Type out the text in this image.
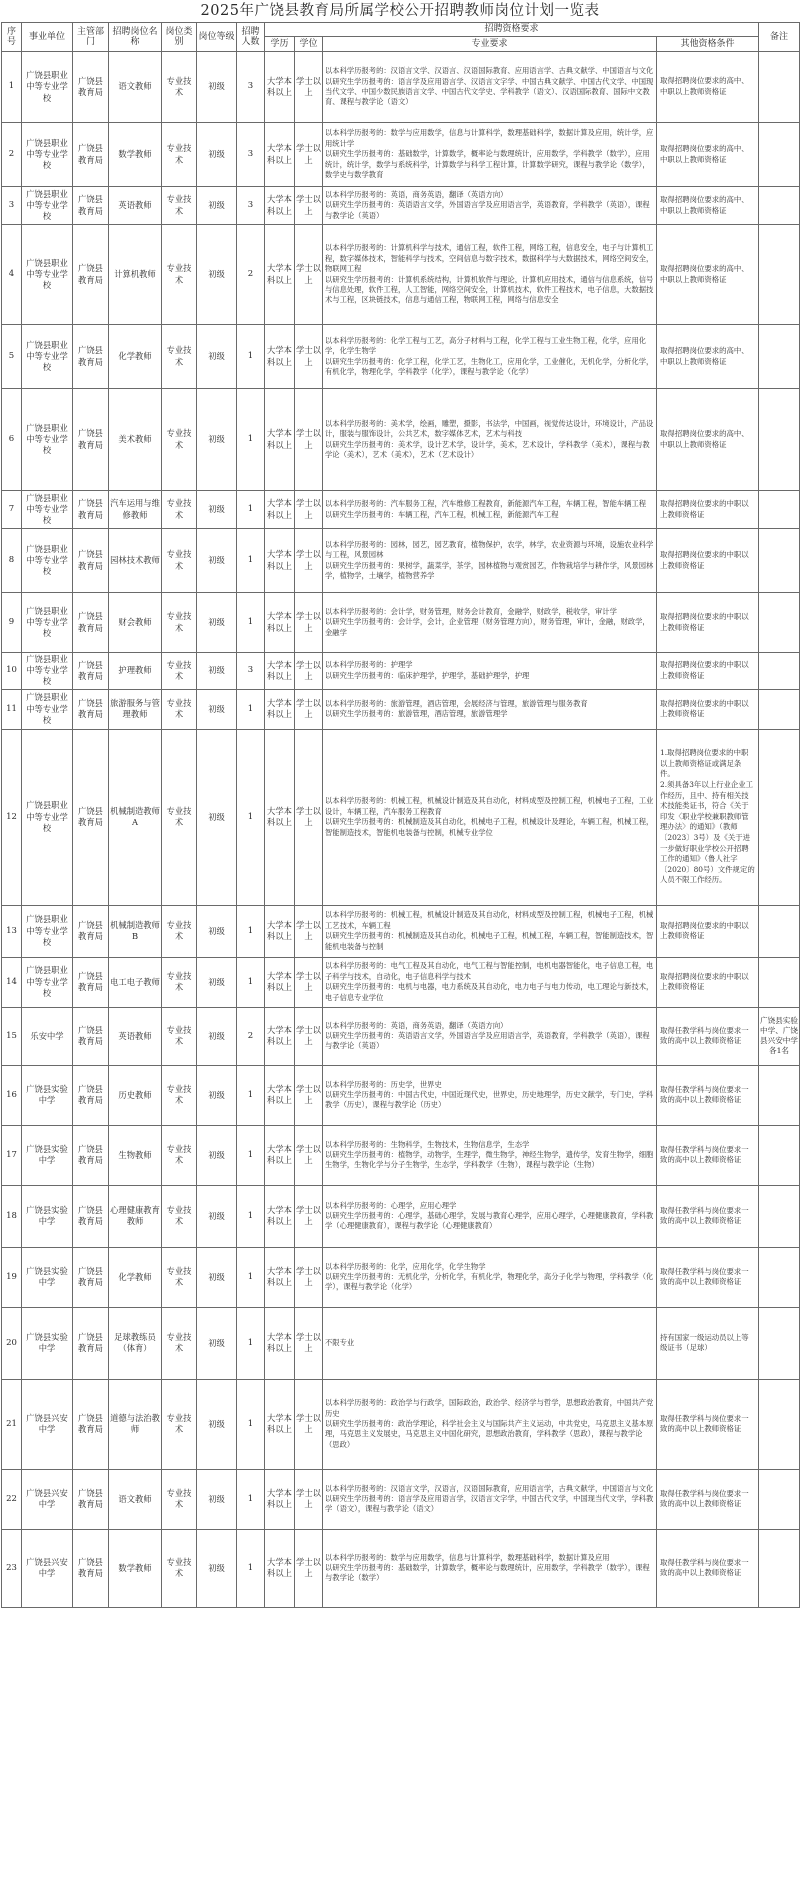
2025年广饶县教育局所属学校公开招聘教师岗位计划一览表
序号	事业单位	主管部门	招聘岗位名称	岗位类别	岗位等级	招聘人数	招聘资格要求				备注
							学历	学位	专业要求	其他资格条件	
1	广饶县职业中等专业学校	广饶县教育局	语文教师	专业技术	初级	3	大学本科以上	学士以上	以本科学历报考的：汉语言文学、汉语言、汉语国际教育、应用语言学、古典文献学、中国语言与文化
以研究生学历报考的：语言学及应用语言学、汉语言文字学、中国古典文献学、中国古代文学、中国现当代文学、中国少数民族语言文学、中国古代文学史、学科教学（语文）、汉语国际教育、国际中文教育、课程与教学论（语文）	取得招聘岗位要求的高中、中职以上教师资格证	
2	广饶县职业中等专业学校	广饶县教育局	数学教师	专业技术	初级	3	大学本科以上	学士以上	以本科学历报考的：数学与应用数学，信息与计算科学，数理基础科学，数据计算及应用，统计学，应用统计学
以研究生学历报考的：基础数学，计算数学，概率论与数理统计，应用数学，学科教学（数学），应用统计，统计学，数学与系统科学，计算数学与科学工程计算，计算数学研究，课程与教学论（数学），数学史与数学教育	取得招聘岗位要求的高中、中职以上教师资格证	
3	广饶县职业中等专业学校	广饶县教育局	英语教师	专业技术	初级	3	大学本科以上	学士以上	以本科学历报考的：英语，商务英语，翻译（英语方向）
以研究生学历报考的：英语语言文学，外国语言学及应用语言学，英语教育，学科教学（英语），课程与教学论（英语）	取得招聘岗位要求的高中、中职以上教师资格证	
4	广饶县职业中等专业学校	广饶县教育局	计算机教师	专业技术	初级	2	大学本科以上	学士以上	以本科学历报考的：计算机科学与技术，通信工程，软件工程，网络工程，信息安全，电子与计算机工程，数字媒体技术，智能科学与技术，空间信息与数字技术，数据科学与大数据技术，网络空间安全，物联网工程
以研究生学历报考的：计算机系统结构，计算机软件与理论，计算机应用技术，通信与信息系统，信号与信息处理，软件工程，人工智能，网络空间安全，计算机技术，软件工程技术，电子信息，大数据技术与工程，区块链技术，信息与通信工程，物联网工程，网络与信息安全	取得招聘岗位要求的高中、中职以上教师资格证	
5	广饶县职业中等专业学校	广饶县教育局	化学教师	专业技术	初级	1	大学本科以上	学士以上	以本科学历报考的：化学工程与工艺，高分子材料与工程，化学工程与工业生物工程，化学，应用化学，化学生物学
以研究生学历报考的：化学工程，化学工艺，生物化工，应用化学，工业催化，无机化学，分析化学，有机化学，物理化学，学科教学（化学），课程与教学论（化学）	取得招聘岗位要求的高中、中职以上教师资格证	
6	广饶县职业中等专业学校	广饶县教育局	美术教师	专业技术	初级	1	大学本科以上	学士以上	以本科学历报考的：美术学，绘画，雕塑，摄影，书法学，中国画，视觉传达设计，环境设计，产品设计，服装与服饰设计，公共艺术，数字媒体艺术，艺术与科技
以研究生学历报考的：美术学，设计艺术学，设计学，美术，艺术设计，学科教学（美术），课程与教学论（美术），艺术（美术），艺术（艺术设计）	取得招聘岗位要求的高中、中职以上教师资格证	
7	广饶县职业中等专业学校	广饶县教育局	汽车运用与维修教师	专业技术	初级	1	大学本科以上	学士以上	以本科学历报考的：汽车服务工程，汽车维修工程教育，新能源汽车工程，车辆工程，智能车辆工程
以研究生学历报考的：车辆工程，汽车工程，机械工程，新能源汽车工程	取得招聘岗位要求的中职以上教师资格证	
8	广饶县职业中等专业学校	广饶县教育局	园林技术教师	专业技术	初级	1	大学本科以上	学士以上	以本科学历报考的：园林，园艺，园艺教育，植物保护，农学，林学，农业资源与环境，设施农业科学与工程，风景园林
以研究生学历报考的：果树学，蔬菜学，茶学，园林植物与观赏园艺，作物栽培学与耕作学，风景园林学，植物学，土壤学，植物营养学	取得招聘岗位要求的中职以上教师资格证	
9	广饶县职业中等专业学校	广饶县教育局	财会教师	专业技术	初级	1	大学本科以上	学士以上	以本科学历报考的：会计学，财务管理，财务会计教育，金融学，财政学，税收学，审计学
以研究生学历报考的：会计学，会计，企业管理（财务管理方向），财务管理，审计，金融，财政学，金融学	取得招聘岗位要求的中职以上教师资格证	
10	广饶县职业中等专业学校	广饶县教育局	护理教师	专业技术	初级	3	大学本科以上	学士以上	以本科学历报考的：护理学
以研究生学历报考的：临床护理学，护理学，基础护理学，护理	取得招聘岗位要求的中职以上教师资格证	
11	广饶县职业中等专业学校	广饶县教育局	旅游服务与管理教师	专业技术	初级	1	大学本科以上	学士以上	以本科学历报考的：旅游管理，酒店管理，会展经济与管理，旅游管理与服务教育
以研究生学历报考的：旅游管理，酒店管理，旅游管理学	取得招聘岗位要求的中职以上教师资格证	
12	广饶县职业中等专业学校	广饶县教育局	机械制造教师A	专业技术	初级	1	大学本科以上	学士以上	以本科学历报考的：机械工程，机械设计制造及其自动化，材料成型及控制工程，机械电子工程，工业设计，车辆工程，汽车服务工程教育
以研究生学历报考的：机械制造及其自动化，机械电子工程，机械设计及理论，车辆工程，机械工程，智能制造技术，智能机电装备与控制，机械专业学位	1.取得招聘岗位要求的中职以上教师资格证或满足条件。
2.须具备3年以上行业企业工作经历，且中、持有相关技术技能类证书，符合《关于印发〈职业学校兼职教师管理办法〉的通知》（教师〔2023〕3号）及《关于进一步做好职业学校公开招聘工作的通知》（鲁人社字〔2020〕80号）文件规定的人员不限工作经历。	
13	广饶县职业中等专业学校	广饶县教育局	机械制造教师B	专业技术	初级	1	大学本科以上	学士以上	以本科学历报考的：机械工程，机械设计制造及其自动化，材料成型及控制工程，机械电子工程，机械工艺技术，车辆工程
以研究生学历报考的：机械制造及其自动化，机械电子工程，机械工程，车辆工程，智能制造技术，智能机电装备与控制	取得招聘岗位要求的中职以上教师资格证	
14	广饶县职业中等专业学校	广饶县教育局	电工电子教师	专业技术	初级	1	大学本科以上	学士以上	以本科学历报考的：电气工程及其自动化，电气工程与智能控制，电机电器智能化，电子信息工程，电子科学与技术，自动化，电子信息科学与技术
以研究生学历报考的：电机与电器，电力系统及其自动化，电力电子与电力传动，电工理论与新技术，电子信息专业学位	取得招聘岗位要求的中职以上教师资格证	
15	乐安中学	广饶县教育局	英语教师	专业技术	初级	2	大学本科以上	学士以上	以本科学历报考的：英语，商务英语，翻译（英语方向）
以研究生学历报考的：英语语言文学，外国语言学及应用语言学，英语教育，学科教学（英语），课程与教学论（英语）	取得任教学科与岗位要求一致的高中以上教师资格证	广饶县实验中学、广饶县兴安中学各1名
16	广饶县实验中学	广饶县教育局	历史教师	专业技术	初级	1	大学本科以上	学士以上	以本科学历报考的：历史学，世界史
以研究生学历报考的：中国古代史，中国近现代史，世界史，历史地理学，历史文献学，专门史，学科教学（历史），课程与教学论（历史）	取得任教学科与岗位要求一致的高中以上教师资格证	
17	广饶县实验中学	广饶县教育局	生物教师	专业技术	初级	1	大学本科以上	学士以上	以本科学历报考的：生物科学，生物技术，生物信息学，生态学
以研究生学历报考的：植物学，动物学，生理学，微生物学，神经生物学，遗传学，发育生物学，细胞生物学，生物化学与分子生物学，生态学，学科教学（生物），课程与教学论（生物）	取得任教学科与岗位要求一致的高中以上教师资格证	
18	广饶县实验中学	广饶县教育局	心理健康教育教师	专业技术	初级	1	大学本科以上	学士以上	以本科学历报考的：心理学，应用心理学
以研究生学历报考的：心理学，基础心理学，发展与教育心理学，应用心理学，心理健康教育，学科教学（心理健康教育），课程与教学论（心理健康教育）	取得任教学科与岗位要求一致的高中以上教师资格证	
19	广饶县实验中学	广饶县教育局	化学教师	专业技术	初级	1	大学本科以上	学士以上	以本科学历报考的：化学，应用化学，化学生物学
以研究生学历报考的：无机化学，分析化学，有机化学，物理化学，高分子化学与物理，学科教学（化学），课程与教学论（化学）	取得任教学科与岗位要求一致的高中以上教师资格证	
20	广饶县实验中学	广饶县教育局	足球教练员（体育）	专业技术	初级	1	大学本科以上	学士以上	不限专业	持有国家一级运动员以上等级证书（足球）	
21	广饶县兴安中学	广饶县教育局	道德与法治教师	专业技术	初级	1	大学本科以上	学士以上	以本科学历报考的：政治学与行政学，国际政治，政治学、经济学与哲学，思想政治教育，中国共产党历史
以研究生学历报考的：政治学理论，科学社会主义与国际共产主义运动，中共党史，马克思主义基本原理，马克思主义发展史，马克思主义中国化研究，思想政治教育，学科教学（思政），课程与教学论（思政）	取得任教学科与岗位要求一致的高中以上教师资格证	
22	广饶县兴安中学	广饶县教育局	语文教师	专业技术	初级	1	大学本科以上	学士以上	以本科学历报考的：汉语言文学，汉语言，汉语国际教育，应用语言学，古典文献学，中国语言与文化
以研究生学历报考的：语言学及应用语言学，汉语言文字学，中国古代文学，中国现当代文学，学科教学（语文），课程与教学论（语文）	取得任教学科与岗位要求一致的高中以上教师资格证	
23	广饶县兴安中学	广饶县教育局	数学教师	专业技术	初级	1	大学本科以上	学士以上	以本科学历报考的：数学与应用数学，信息与计算科学，数理基础科学，数据计算及应用
以研究生学历报考的：基础数学，计算数学，概率论与数理统计，应用数学，学科教学（数学），课程与教学论（数学）	取得任教学科与岗位要求一致的高中以上教师资格证	
